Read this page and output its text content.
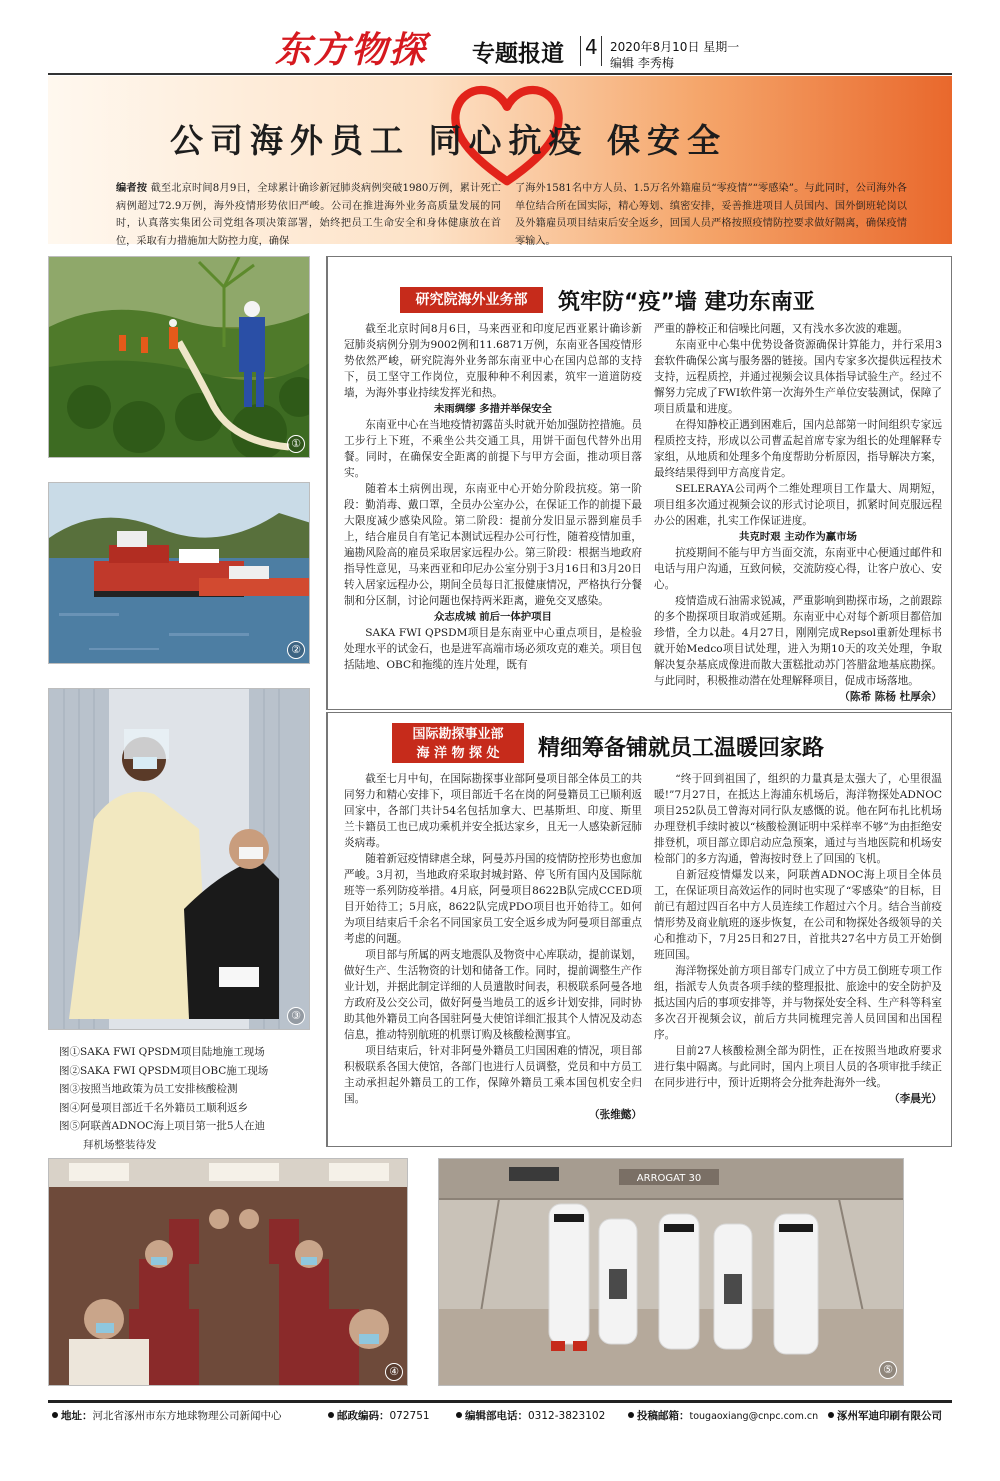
东方物探 专题报道 4 2020年8月10日 星期一
编辑 李秀梅
公司海外员工 同心抗疫 保安全
编者按 截至北京时间8月9日，全球累计确诊新冠肺炎病例突破1980万例，累计死亡病例超过72.9万例，海外疫情形势依旧严峻。公司在推进海外业务高质量发展的同时，认真落实集团公司党组各项决策部署，始终把员工生命安全和身体健康放在首位，采取有力措施加大防控力度，确保
了海外1581名中方人员、1.5万名外籍雇员“零疫情”“零感染”。与此同时，公司海外各单位结合所在国实际，精心筹划、缜密安排，妥善推进项目人员国内、国外倒班轮岗以及外籍雇员项目结束后安全返乡，回国人员严格按照疫情防控要求做好隔离，确保疫情零输入。
①
②
③
图①SAKA FWI QPSDM项目陆地施工现场
图②SAKA FWI QPSDM项目OBC施工现场
图③按照当地政策为员工安排核酸检测
图④阿曼项目部近千名外籍员工顺利返乡
图⑤阿联酋ADNOC海上项目第一批5人在迪
拜机场整装待发
研究院海外业务部	筑牢防“疫”墙 建功东南亚

截至北京时间8月6日，马来西亚和印度尼西亚累计确诊新冠肺炎病例分别为9002例和11.6871万例，东南亚各国疫情形势依然严峻，研究院海外业务部东南亚中心在国内总部的支持下，员工坚守工作岗位，克服种种不利因素，筑牢一道道防疫墙，为海外事业持续发挥光和热。

未雨绸缪 多措并举保安全

东南亚中心在当地疫情初露苗头时就开始加强防控措施。员工步行上下班，不乘坐公共交通工具，用饼干面包代替外出用餐。同时，在确保安全距离的前提下与甲方会面，推动项目落实。

随着本土病例出现，东南亚中心开始分阶段抗疫。第一阶段：勤消毒、戴口罩，全员办公室办公，在保证工作的前提下最大限度减少感染风险。第二阶段：提前分发旧显示器到雇员手上，结合雇员自有笔记本测试远程办公可行性，随着疫情加重，遍勘风险高的雇员采取居家远程办公。第三阶段：根据当地政府指导性意见，马来西亚和印尼办公室分别于3月16日和3月20日转入居家远程办公，期间全员每日汇报健康情况，严格执行分餐制和分区制，讨论问题也保持两米距离，避免交叉感染。

众志成城 前后一体护项目

SAKA FWI QPSDM项目是东南亚中心重点项目，是检验处理水平的试金石，也是进军高端市场必须攻克的难关。项目包括陆地、OBC和拖缆的连片处理，既有

严重的静校正和信噪比问题，又有浅水多次波的难题。

东南亚中心集中优势设备资源确保计算能力，并行采用3套软件确保公寓与服务器的链接。国内专家多次提供远程技术支持，远程质控，并通过视频会议具体指导试验生产。经过不懈努力完成了FWI软件第一次海外生产单位安装测试，保障了项目质量和进度。

在得知静校正遇到困难后，国内总部第一时间组织专家远程质控支持，形成以公司曹孟起首席专家为组长的处理解释专家组，从地质和处理多个角度帮助分析原因，指导解决方案，最终结果得到甲方高度肯定。

SELERAYA公司两个二维处理项目工作量大、周期短，项目组多次通过视频会议的形式讨论项目，抓紧时间克服远程办公的困难，扎实工作保证进度。

共克时艰 主动作为赢市场

抗疫期间不能与甲方当面交流，东南亚中心便通过邮件和电话与用户沟通，互致问候，交流防疫心得，让客户放心、安心。

疫情造成石油需求锐减，严重影响到勘探市场，之前跟踪的多个勘探项目取消或延期。东南亚中心对每个新项目都倍加珍惜，全力以赴。4月27日，刚刚完成Repsol重新处理标书就开始Medco项目试处理，进入为期10天的攻关处理，争取解决复杂基底成像进而散大蛋糕批动苏门答腊盆地基底勘探。与此同时，积极推动潜在处理解释项目，促成市场落地。

（陈希 陈杨 杜厚余）

国际勘探事业部
海 洋 物 探 处	精细筹备铺就员工温暖回家路

截至七月中旬，在国际勘探事业部阿曼项目部全体员工的共同努力和精心安排下，项目部近千名在岗的阿曼籍员工已顺利返回家中，各部门共计54名包括加拿大、巴基斯坦、印度、斯里兰卡籍员工也已成功乘机并安全抵达家乡，且无一人感染新冠肺炎病毒。

随着新冠疫情肆虐全球，阿曼苏丹国的疫情防控形势也愈加严峻。3月初，当地政府采取封城封路、停飞所有国内及国际航班等一系列防疫举措。4月底，阿曼项目8622B队完成CCED项目开始待工；5月底，8622队完成PDO项目也开始待工。如何为项目结束后千余名不同国家员工安全返乡成为阿曼项目部重点考虑的问题。

项目部与所属的两支地震队及物资中心库联动，提前谋划，做好生产、生活物资的计划和储备工作。同时，提前调整生产作业计划，并据此制定详细的人员遣散时间表，积极联系阿曼各地方政府及公交公司，做好阿曼当地员工的返乡计划安排，同时协助其他外籍员工向各国驻阿曼大使馆详细汇报其个人情况及动态信息，推动特别航班的机票订购及核酸检测事宜。

项目结束后，针对非阿曼外籍员工归国困难的情况，项目部积极联系各国大使馆，各部门也进行人员调整，党员和中方员工主动承担起外籍员工的工作，保障外籍员工乘本国包机安全归国。

（张维懿）

“终于回到祖国了，组织的力量真是太强大了，心里很温暖!”7月27日，在抵达上海浦东机场后，海洋物探处ADNOC项目252队员工曾海对同行队友感慨的说。他在阿布扎比机场办理登机手续时被以“核酸检测证明中采样率不够”为由拒绝安排登机，项目部立即启动应急预案，通过与当地医院和机场安检部门的多方沟通，曾海按时登上了回国的飞机。

自新冠疫情爆发以来，阿联酋ADNOC海上项目全体员工，在保证项目高效运作的同时也实现了“零感染”的目标，目前已有超过四百名中方人员连续工作超过六个月。结合当前疫情形势及商业航班的逐步恢复，在公司和物探处各级领导的关心和推动下，7月25日和27日，首批共27名中方员工开始倒班回国。

海洋物探处前方项目部专门成立了中方员工倒班专项工作组，指派专人负责各项手续的整理报批、旅途中的安全防护及抵达国内后的事项安排等，并与物探处安全科、生产科等科室多次召开视频会议，前后方共同梳理完善人员回国和出国程序。

目前27人核酸检测全部为阴性，正在按照当地政府要求进行集中隔离。与此同时，国内上项目人员的各项审批手续正在同步进行中，预计近期将会分批奔赴海外一线。

（李晨光）

④
ARROGAT 30
⑤
地址：河北省涿州市东方地球物理公司新闻中心	邮政编码：072751	编辑部电话：0312-3823102	投稿邮箱：tougaoxiang@cnpc.com.cn	涿州军迪印刷有限公司
